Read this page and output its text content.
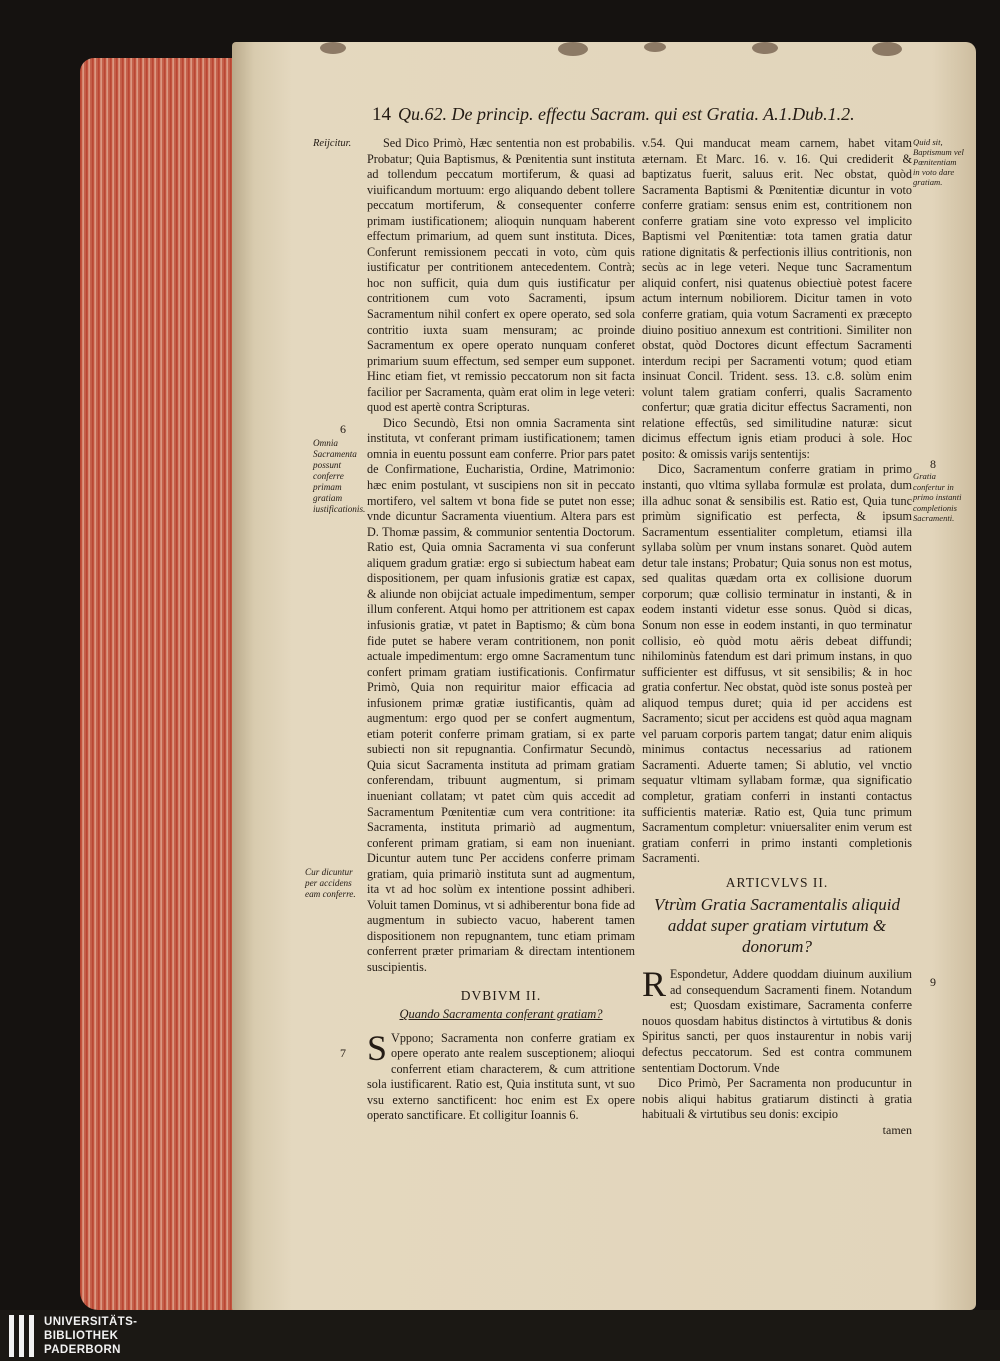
14 Qu.62. De princip. effectu Sacram. qui est Gratia. A.1.Dub.1.2.
Reijcitur.
6
Omnia Sacramenta possunt conferre primam gratiam iustificationis.
Cur dicuntur per accidens eam conferre.
7
Quid sit, Baptismum vel Pœnitentiam in voto dare gratiam.
8
Gratia confertur in primo instanti completionis Sacramenti.
9

Sed Dico Primò, Hæc sententia non est probabilis. Probatur; Quia Baptismus, & Pœnitentia sunt instituta ad tollendum peccatum mortiferum, & quasi ad viuificandum mortuum: ergo aliquando debent tollere peccatum mortiferum, & consequenter conferre primam iustificationem; alioquin nunquam haberent effectum primarium, ad quem sunt instituta. Dices, Conferunt remissionem peccati in voto, cùm quis iustificatur per contritionem antecedentem. Contrà; hoc non sufficit, quia dum quis iustificatur per contritionem cum voto Sacramenti, ipsum Sacramentum nihil confert ex opere operato, sed sola contritio iuxta suam mensuram; ac proinde Sacramentum ex opere operato nunquam conferet primarium suum effectum, sed semper eum supponet. Hinc etiam fiet, vt remissio peccatorum non sit facta facilior per Sacramenta, quàm erat olim in lege veteri: quod est apertè contra Scripturas.

Dico Secundò, Etsi non omnia Sacramenta sint instituta, vt conferant primam iustificationem; tamen omnia in euentu possunt eam conferre. Prior pars patet de Confirmatione, Eucharistia, Ordine, Matrimonio: hæc enim postulant, vt suscipiens non sit in peccato mortifero, vel saltem vt bona fide se putet non esse; vnde dicuntur Sacramenta viuentium. Altera pars est D. Thomæ passim, & communior sententia Doctorum. Ratio est, Quia omnia Sacramenta vi sua conferunt aliquem gradum gratiæ: ergo si subiectum habeat eam dispositionem, per quam infusionis gratiæ est capax, & aliunde non obijciat actuale impedimentum, semper illum conferent. Atqui homo per attritionem est capax infusionis gratiæ, vt patet in Baptismo; & cùm bona fide putet se habere veram contritionem, non ponit actuale impedimentum: ergo omne Sacramentum tunc confert primam gratiam iustificationis. Confirmatur Primò, Quia non requiritur maior efficacia ad infusionem primæ gratiæ iustificantis, quàm ad augmentum: ergo quod per se confert augmentum, etiam poterit conferre primam gratiam, si ex parte subiecti non sit repugnantia. Confirmatur Secundò, Quia sicut Sacramenta instituta ad primam gratiam conferendam, tribuunt augmentum, si primam inueniant collatam; vt patet cùm quis accedit ad Sacramentum Pœnitentiæ cum vera contritione: ita Sacramenta, instituta primariò ad augmentum, conferent primam gratiam, si eam non inueniant. Dicuntur autem tunc Per accidens conferre primam gratiam, quia primariò instituta sunt ad augmentum, ita vt ad hoc solùm ex intentione possint adhiberi. Voluit tamen Dominus, vt si adhiberentur bona fide ad augmentum in subiecto vacuo, haberent tamen dispositionem non repugnantem, tunc etiam primam conferrent præter primariam & directam intentionem suscipientis.

DVBIVM II.
Quando Sacramenta conferant gratiam?

S Vppono; Sacramenta non conferre gratiam ex opere operato ante realem susceptionem; alioqui conferrent etiam characterem, & cum attritione sola iustificarent. Ratio est, Quia instituta sunt, vt suo vsu externo sanctificent: hoc enim est Ex opere operato sanctificare. Et colligitur Ioannis 6.

v.54. Qui manducat meam carnem, habet vitam æternam. Et Marc. 16. v. 16. Qui crediderit & baptizatus fuerit, saluus erit. Nec obstat, quòd Sacramenta Baptismi & Pœnitentiæ dicuntur in voto conferre gratiam: sensus enim est, contritionem non conferre gratiam sine voto expresso vel implicito Baptismi vel Pœnitentiæ: tota tamen gratia datur ratione dignitatis & perfectionis illius contritionis, non secùs ac in lege veteri. Neque tunc Sacramentum aliquid confert, nisi quatenus obiectiuè potest facere actum internum nobiliorem. Dicitur tamen in voto conferre gratiam, quia votum Sacramenti ex præcepto diuino positiuo annexum est contritioni. Similiter non obstat, quòd Doctores dicunt effectum Sacramenti interdum recipi per Sacramenti votum; quod etiam insinuat Concil. Trident. sess. 13. c.8. solùm enim volunt talem gratiam conferri, qualis Sacramento confertur; quæ gratia dicitur effectus Sacramenti, non relatione effectûs, sed similitudine naturæ: sicut dicimus effectum ignis etiam produci à sole. Hoc posito: & omissis varijs sententijs:

Dico, Sacramentum conferre gratiam in primo instanti, quo vltima syllaba formulæ est prolata, dum illa adhuc sonat & sensibilis est. Ratio est, Quia tunc primùm significatio est perfecta, & ipsum Sacramentum essentialiter completum, etiamsi illa syllaba solùm per vnum instans sonaret. Quòd autem detur tale instans; Probatur; Quia sonus non est motus, sed qualitas quædam orta ex collisione duorum corporum; quæ collisio terminatur in instanti, & in eodem instanti videtur esse sonus. Quòd si dicas, Sonum non esse in eodem instanti, in quo terminatur collisio, eò quòd motu aëris debeat diffundi; nihilominùs fatendum est dari primum instans, in quo sufficienter est diffusus, vt sit sensibilis; & in hoc gratia confertur. Nec obstat, quòd iste sonus posteà per aliquod tempus duret; quia id per accidens est Sacramento; sicut per accidens est quòd aqua magnam vel paruam corporis partem tangat; datur enim aliquis minimus contactus necessarius ad rationem Sacramenti. Aduerte tamen; Si ablutio, vel vnctio sequatur vltimam syllabam formæ, qua significatio completur, gratiam conferri in instanti contactus sufficientis materiæ. Ratio est, Quia tunc primum Sacramentum completur: vniuersaliter enim verum est gratiam conferri in primo instanti completionis Sacramenti.

ARTICVLVS II.
Vtrùm Gratia Sacramentalis aliquid addat super gratiam virtutum & donorum?

R Espondetur, Addere quoddam diuinum auxilium ad consequendum Sacramenti finem. Notandum est; Quosdam existimare, Sacramenta conferre nouos quosdam habitus distinctos à virtutibus & donis Spiritus sancti, per quos instaurentur in nobis varij defectus peccatorum. Sed est contra communem sententiam Doctorum. Vnde

Dico Primò, Per Sacramenta non producuntur in nobis aliqui habitus gratiarum distincti à gratia habituali & virtutibus seu donis: excipio

tamen
UNIVERSITÄTS-
BIBLIOTHEK
PADERBORN
